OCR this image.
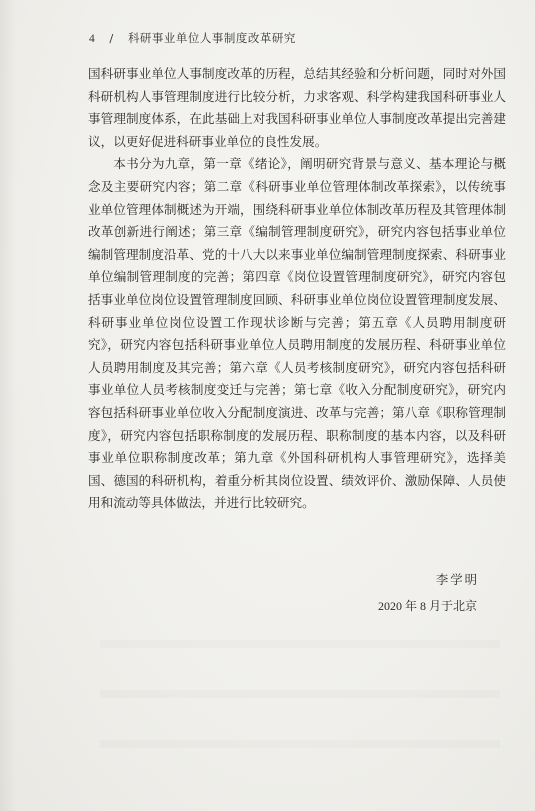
4 / 科研事业单位人事制度改革研究

国科研事业单位人事制度改革的历程，总结其经验和分析问题，同时对外国科研机构人事管理制度进行比较分析，力求客观、科学构建我国科研事业人事管理制度体系，在此基础上对我国科研事业单位人事制度改革提出完善建议，以更好促进科研事业单位的良性发展。

本书分为九章，第一章《绪论》，阐明研究背景与意义、基本理论与概念及主要研究内容；第二章《科研事业单位管理体制改革探索》，以传统事业单位管理体制概述为开端，围绕科研事业单位体制改革历程及其管理体制改革创新进行阐述；第三章《编制管理制度研究》，研究内容包括事业单位编制管理制度沿革、党的十八大以来事业单位编制管理制度探索、科研事业单位编制管理制度的完善；第四章《岗位设置管理制度研究》，研究内容包括事业单位岗位设置管理制度回顾、科研事业单位岗位设置管理制度发展、科研事业单位岗位设置工作现状诊断与完善；第五章《人员聘用制度研究》，研究内容包括科研事业单位人员聘用制度的发展历程、科研事业单位人员聘用制度及其完善；第六章《人员考核制度研究》，研究内容包括科研事业单位人员考核制度变迁与完善；第七章《收入分配制度研究》，研究内容包括科研事业单位收入分配制度演进、改革与完善；第八章《职称管理制度》，研究内容包括职称制度的发展历程、职称制度的基本内容，以及科研事业单位职称制度改革；第九章《外国科研机构人事管理研究》，选择美国、德国的科研机构，着重分析其岗位设置、绩效评价、激励保障、人员使用和流动等具体做法，并进行比较研究。

李学明
2020 年 8 月于北京
